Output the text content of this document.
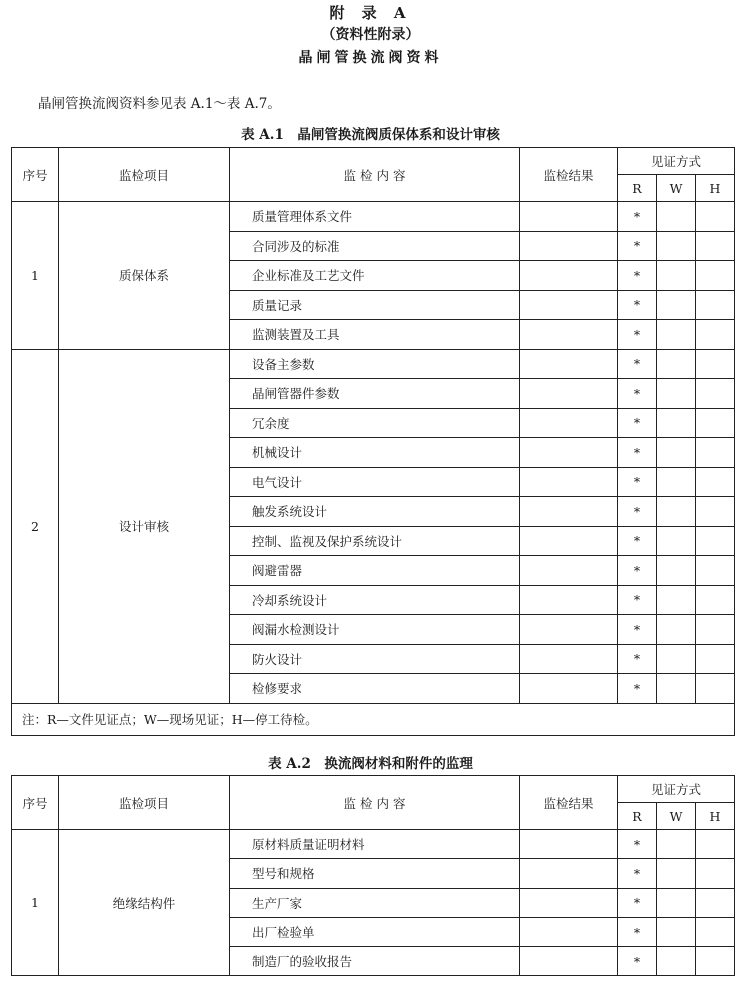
附 录 A
（资料性附录）
晶闸管换流阀资料
晶闸管换流阀资料参见表 A.1～表 A.7。
表 A.1　晶闸管换流阀质保体系和设计审核
序号	监检项目	监 检 内 容	监检结果	见证方式		
				R	W	H
1	质保体系	质量管理体系文件		*		
		合同涉及的标准		*		
		企业标准及工艺文件		*		
		质量记录		*		
		监测装置及工具		*		
2	设计审核	设备主参数		*		
		晶闸管器件参数		*		
		冗余度		*		
		机械设计		*		
		电气设计		*		
		触发系统设计		*		
		控制、监视及保护系统设计		*		
		阀避雷器		*		
		冷却系统设计		*		
		阀漏水检测设计		*		
		防火设计		*		
		检修要求		*		
注：R—文件见证点；W—现场见证；H—停工待检。						
表 A.2　换流阀材料和附件的监理
序号	监检项目	监 检 内 容	监检结果	见证方式		
				R	W	H
1	绝缘结构件	原材料质量证明材料		*		
		型号和规格		*		
		生产厂家		*		
		出厂检验单		*		
		制造厂的验收报告		*		
